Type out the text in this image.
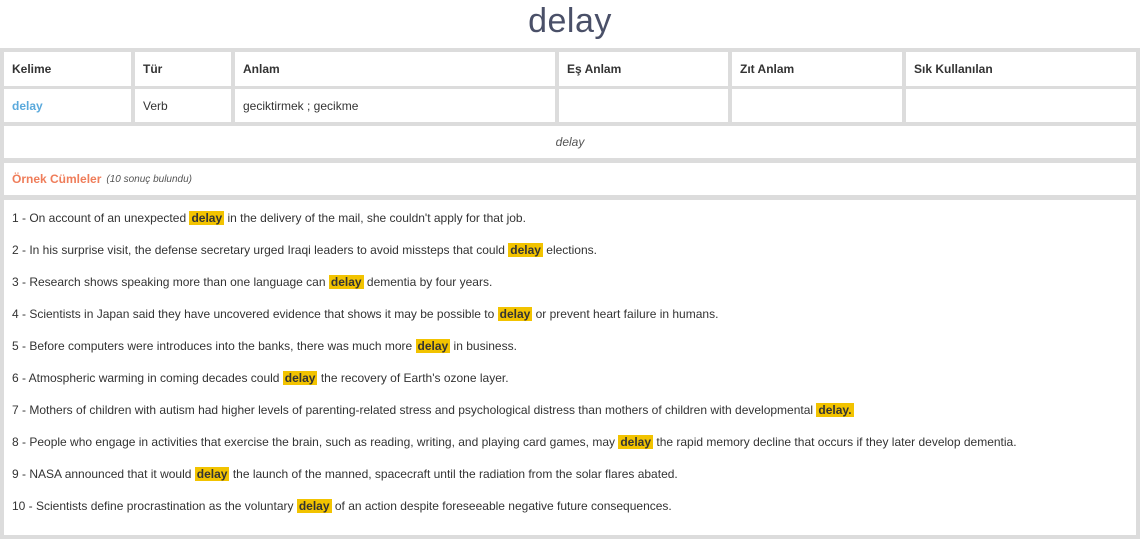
delay
Kelime	Tür	Anlam	Eş Anlam	Zıt Anlam	Sık Kullanılan
delay	Verb	geciktirmek ; gecikme
delay
Örnek Cümleler (10 sonuç bulundu)
1 - On account of an unexpected delay in the delivery of the mail, she couldn't apply for that job.
2 - In his surprise visit, the defense secretary urged Iraqi leaders to avoid missteps that could delay elections.
3 - Research shows speaking more than one language can delay dementia by four years.
4 - Scientists in Japan said they have uncovered evidence that shows it may be possible to delay or prevent heart failure in humans.
5 - Before computers were introduces into the banks, there was much more delay in business.
6 - Atmospheric warming in coming decades could delay the recovery of Earth's ozone layer.
7 - Mothers of children with autism had higher levels of parenting-related stress and psychological distress than mothers of children with developmental delay.
8 - People who engage in activities that exercise the brain, such as reading, writing, and playing card games, may delay the rapid memory decline that occurs if they later develop dementia.
9 - NASA announced that it would delay the launch of the manned, spacecraft until the radiation from the solar flares abated.
10 - Scientists define procrastination as the voluntary delay of an action despite foreseeable negative future consequences.
